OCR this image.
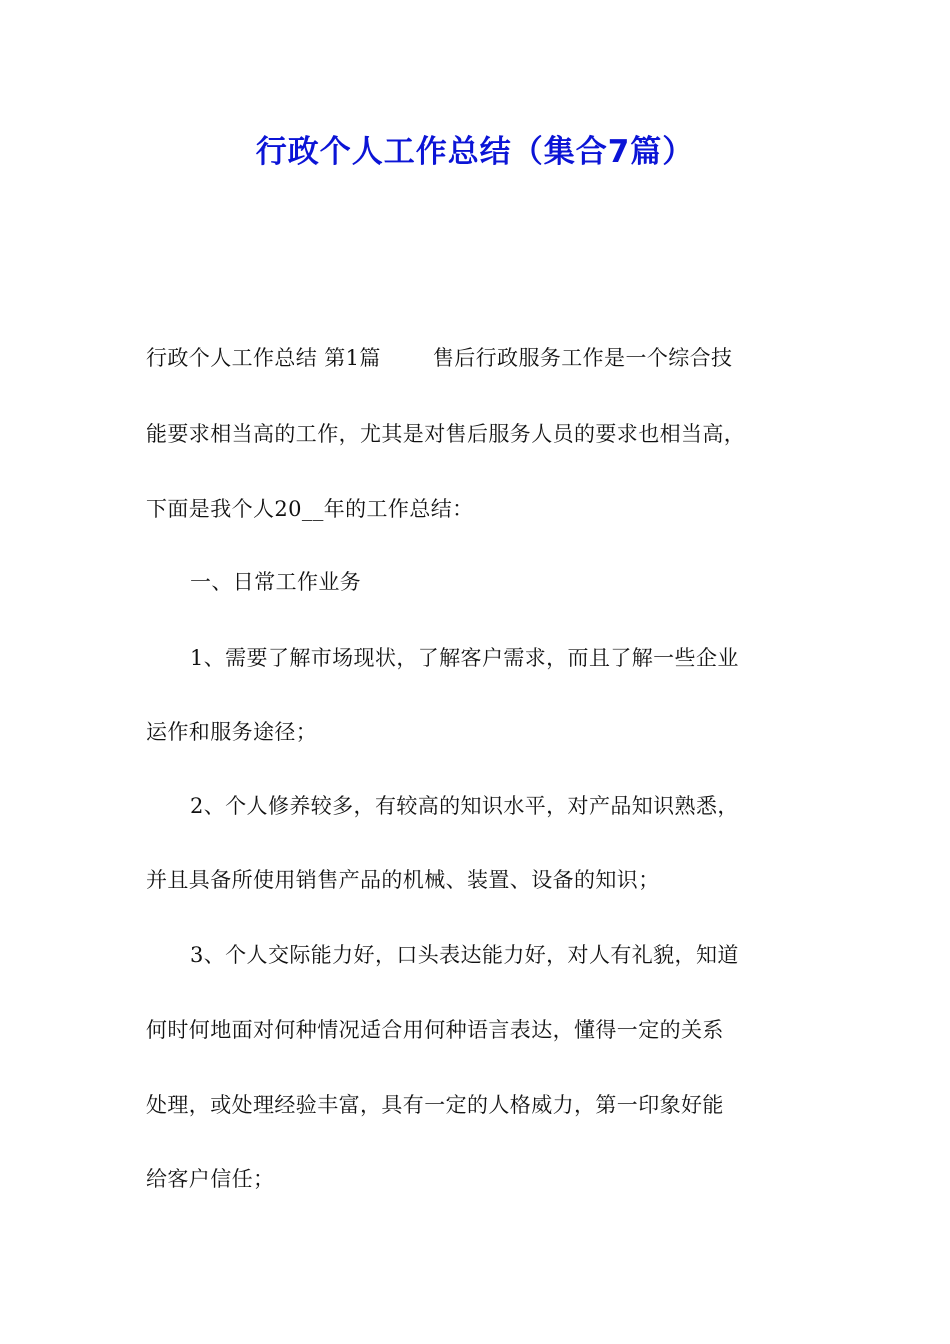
行政个人工作总结（集合7篇）
行政个人工作总结 第1篇 售后行政服务工作是一个综合技
能要求相当高的工作，尤其是对售后服务人员的要求也相当高，
下面是我个人20__年的工作总结：
一、日常工作业务
1、需要了解市场现状，了解客户需求，而且了解一些企业
运作和服务途径；
2、个人修养较多，有较高的知识水平，对产品知识熟悉，
并且具备所使用销售产品的机械、装置、设备的知识；
3、个人交际能力好，口头表达能力好，对人有礼貌，知道
何时何地面对何种情况适合用何种语言表达，懂得一定的关系
处理，或处理经验丰富，具有一定的人格威力，第一印象好能
给客户信任；
